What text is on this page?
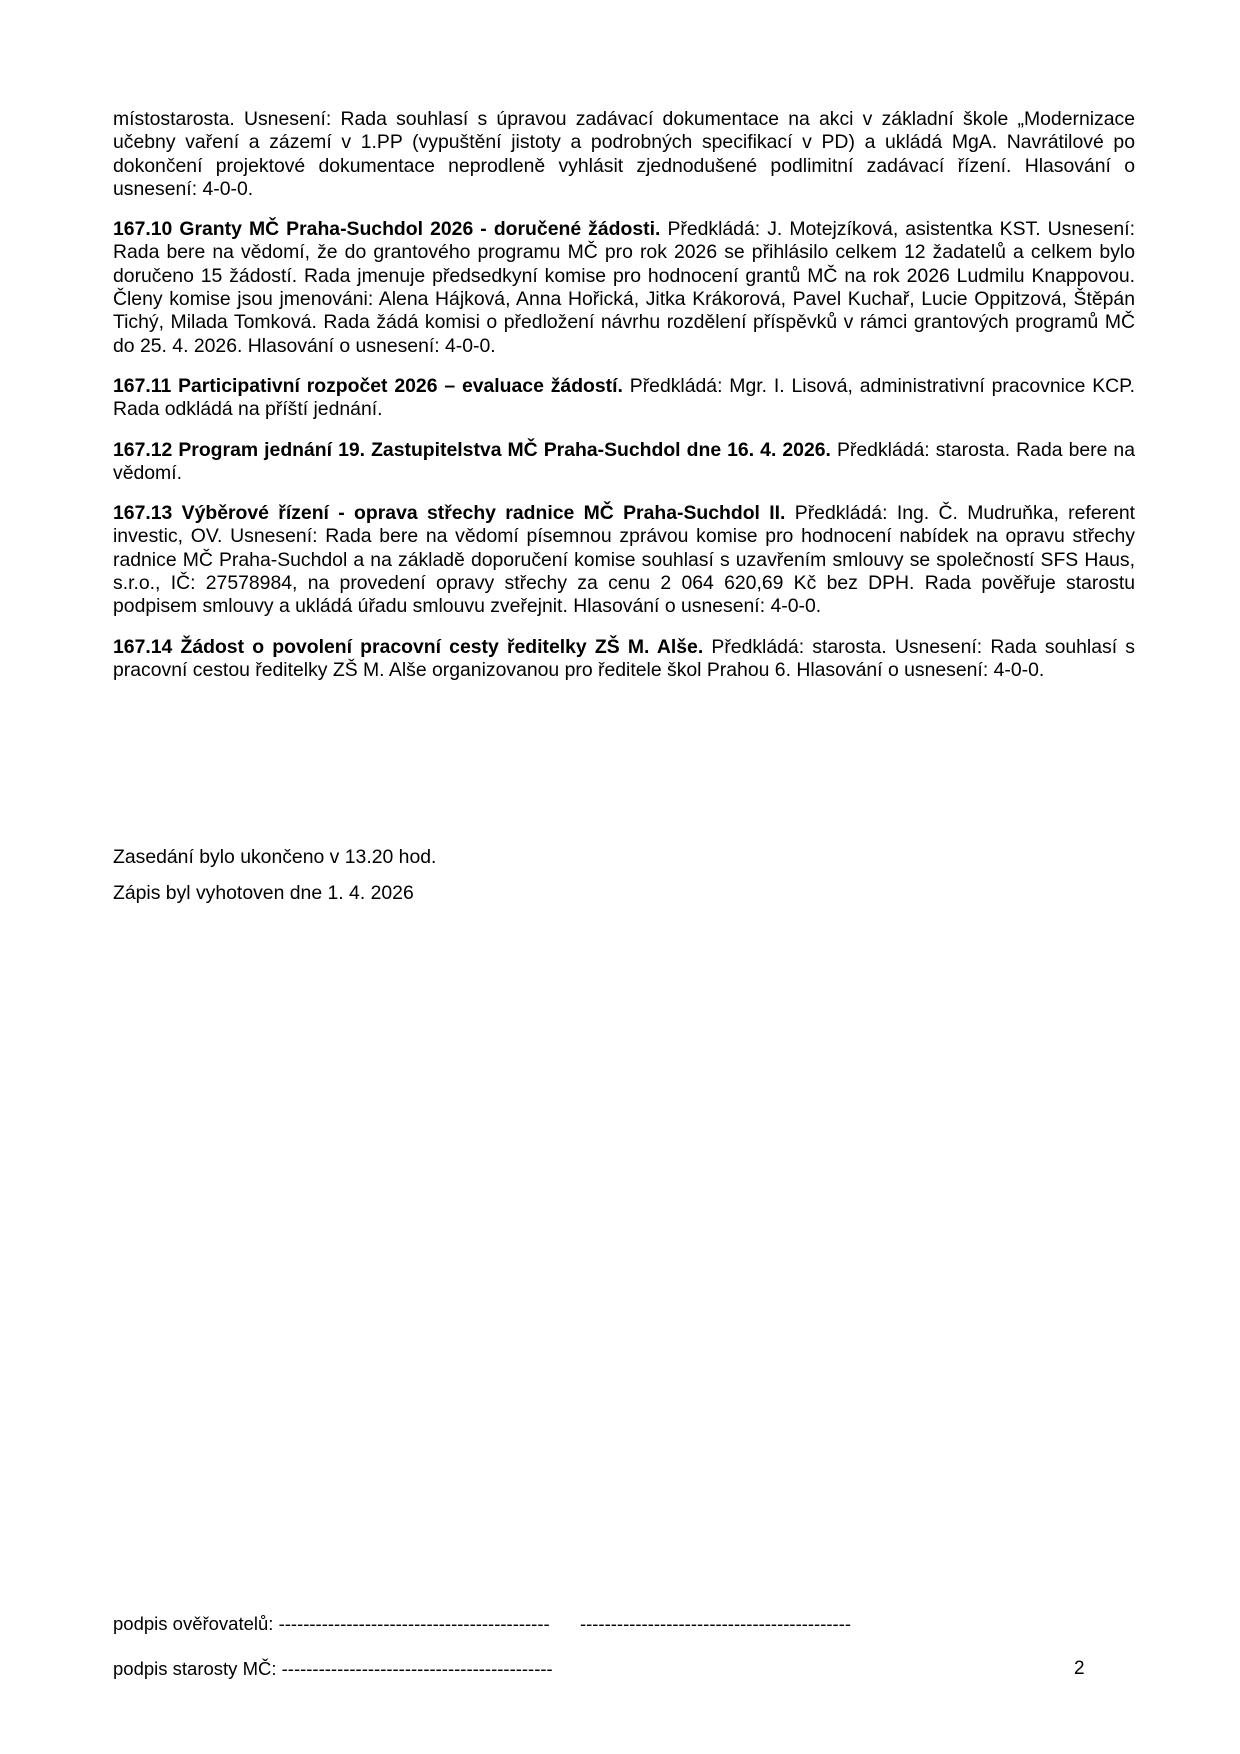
místostarosta. Usnesení: Rada souhlasí s úpravou zadávací dokumentace na akci v základní škole „Modernizace učebny vaření a zázemí v 1.PP (vypuštění jistoty a podrobných specifikací v PD) a ukládá MgA. Navrátilové po dokončení projektové dokumentace neprodleně vyhlásit zjednodušené podlimitní zadávací řízení. Hlasování o usnesení: 4-0-0.

167.10 Granty MČ Praha-Suchdol 2026 - doručené žádosti. Předkládá: J. Motejzíková, asistentka KST. Usnesení: Rada bere na vědomí, že do grantového programu MČ pro rok 2026 se přihlásilo celkem 12 žadatelů a celkem bylo doručeno 15 žádostí. Rada jmenuje předsedkyní komise pro hodnocení grantů MČ na rok 2026 Ludmilu Knappovou. Členy komise jsou jmenováni: Alena Hájková, Anna Hořická, Jitka Krákorová, Pavel Kuchař, Lucie Oppitzová, Štěpán Tichý, Milada Tomková. Rada žádá komisi o předložení návrhu rozdělení příspěvků v rámci grantových programů MČ do 25. 4. 2026. Hlasování o usnesení: 4-0-0.

167.11 Participativní rozpočet 2026 – evaluace žádostí. Předkládá: Mgr. I. Lisová, administrativní pracovnice KCP. Rada odkládá na příští jednání.

167.12 Program jednání 19. Zastupitelstva MČ Praha-Suchdol dne 16. 4. 2026. Předkládá: starosta. Rada bere na vědomí.

167.13 Výběrové řízení - oprava střechy radnice MČ Praha-Suchdol II. Předkládá: Ing. Č. Mudruňka, referent investic, OV. Usnesení: Rada bere na vědomí písemnou zprávou komise pro hodnocení nabídek na opravu střechy radnice MČ Praha-Suchdol a na základě doporučení komise souhlasí s uzavřením smlouvy se společností SFS Haus, s.r.o., IČ: 27578984, na provedení opravy střechy za cenu 2 064 620,69 Kč bez DPH. Rada pověřuje starostu podpisem smlouvy a ukládá úřadu smlouvu zveřejnit. Hlasování o usnesení: 4-0-0.

167.14 Žádost o povolení pracovní cesty ředitelky ZŠ M. Alše. Předkládá: starosta. Usnesení: Rada souhlasí s pracovní cestou ředitelky ZŠ M. Alše organizovanou pro ředitele škol Prahou 6. Hlasování o usnesení: 4-0-0.

Zasedání bylo ukončeno v 13.20 hod.

Zápis byl vyhotoven dne 1. 4. 2026

podpis ověřovatelů: -------------------------------------------- --------------------------------------------
podpis starosty MČ: --------------------------------------------	2
